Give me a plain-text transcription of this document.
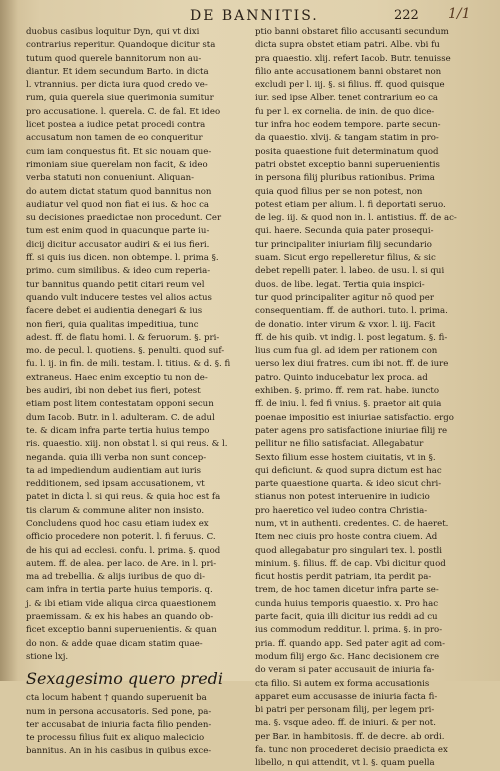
DE BANNITIS.	222 1/1
duobus casibus loquitur Dyn, qui vt dixi
contrarius reperitur. Quandoque dicitur sta
tutum quod querele bannitorum non au-
diantur. Et idem secundum Barto. in dicta
l. vtrannius. per dicta iura quod credo ve-
rum, quia querela siue querimonia sumitur
pro accusatione. l. querela. C. de fal. Et ideo
licet postea a iudice petat procedi contra
accusatum non tamen de eo conqueritur
cum iam conquestus fit. Et sic nouam que-
rimoniam siue querelam non facit, & ideo
verba statuti non conueniunt. Aliquan-
do autem dictat statum quod bannitus non
audiatur vel quod non fiat ei ius. & hoc ca
su decisiones praedictae non procedunt. Cer
tum est enim quod in quacunque parte iu-
dicij dicitur accusator audiri & ei ius fieri.
ff. si quis ius dicen. non obtempe. l. prima §.
primo. cum similibus. & ideo cum reperia-
tur bannitus quando petit citari reum vel
quando vult inducere testes vel alios actus
facere debet ei audientia denegari & ius
non fieri, quia qualitas impeditiua, tunc
adest. ff. de flatu homi. l. & feruorum. §. pri-
mo. de pecul. l. quotiens. §. penulti. quod suf-
fu. l. ij. in fin. de mili. testam. l. titius. & d. §. fi
extraneus. Haec enim exceptio tu non de-
bes audiri, ibi non debet ius fieri, potest
etiam post litem contestatam opponi secun
dum Iacob. Butr. in l. adulteram. C. de adul
te. & dicam infra parte tertia huius tempo
ris. quaestio. xiij. non obstat l. si qui reus. & l.
neganda. quia illi verba non sunt concep-
ta ad impediendum audientiam aut iuris
redditionem, sed ipsam accusationem, vt
patet in dicta l. si qui reus. & quia hoc est fa
tis clarum & commune aliter non insisto.
Concludens quod hoc casu etiam iudex ex
officio procedere non poterit. l. fi feruus. C.
de his qui ad ecclesi. confu. l. prima. §. quod
autem. ff. de alea. per laco. de Are. in l. pri-
ma ad trebellia. & alijs iuribus de quo di-
cam infra in tertia parte huius temporis. q.
j. & ibi etiam vide aliqua circa quaestionem
praemissam. & ex his habes an quando ob-
ficet exceptio banni superuenientis. & quan
do non. & adde quae dicam statim quae-
stione lxj.
Sexagesimo quero predi
cta locum habent † quando superuenit ba
num in persona accusatoris. Sed pone, pa-
ter accusabat de iniuria facta filio penden-
te processu filius fuit ex aliquo malecicio
bannitus. An in his casibus in quibus exce-
ptio banni obstaret filio accusanti secundum
dicta supra obstet etiam patri. Albe. vbi fu
pra quaestio. xlij. refert Iacob. Butr. tenuisse
filio ante accusationem banni obstaret non
excludi per l. iij. §. si filius. ff. quod quisque
iur. sed ipse Alber. tenet contrarium eo ca
fu per l. ex cornelia. de inin. de quo dice-
tur infra hoc eodem tempore. parte secun-
da quaestio. xlvij. & tangam statim in pro-
posita quaestione fuit determinatum quod
patri obstet exceptio banni superuenientis
in persona filij pluribus rationibus. Prima
quia quod filius per se non potest, non
potest etiam per alium. l. fi deportati seruo.
de leg. iij. & quod non in. l. antistius. ff. de ac-
qui. haere. Secunda quia pater prosequi-
tur principaliter iniuriam filij secundario
suam. Sicut ergo repelleretur filius, & sic
debet repelli pater. l. labeo. de usu. l. si qui
duos. de libe. legat. Tertia quia inspici-
tur quod principaliter agitur nō quod per
consequentiam. ff. de authori. tuto. l. prima.
de donatio. inter virum & vxor. l. iij. Facit
ff. de his quib. vt indig. l. post legatum. §. fi-
lius cum fua gl. ad idem per rationem con
uerso lex diui fratres. cum ibi not. ff. de iure
patro. Quinto inducebatur lex proca. ad
exhiben. §. primo. ff. rem rat. habe. iuncto
ff. de iniu. l. fed fi vnius. §. praetor ait quia
poenae impositio est iniuriae satisfactio. ergo
pater agens pro satisfactione iniuriae filij re
pellitur ne filio satisfaciat. Allegabatur
Sexto filium esse hostem ciuitatis, vt in §.
qui deficiunt. & quod supra dictum est hac
parte quaestione quarta. & ideo sicut chri-
stianus non potest interuenire in iudicio
pro haeretico vel iudeo contra Christia-
num, vt in authenti. credentes. C. de haeret.
Item nec ciuis pro hoste contra ciuem. Ad
quod allegabatur pro singulari tex. l. postli
minium. §. filius. ff. de cap. Vbi dicitur quod
ficut hostis perdit patriam, ita perdit pa-
trem, de hoc tamen dicetur infra parte se-
cunda huius temporis quaestio. x. Pro hac
parte facit, quia illi dicitur ius reddi ad cu
ius commodum redditur. l. prima. §. in pro-
pria. ff. quando app. Sed pater agit ad com-
modum filij ergo &c. Hanc decisionem cre
do veram si pater accusauit de iniuria fa-
cta filio. Si autem ex forma accusationis
apparet eum accusasse de iniuria facta fi-
bi patri per personam filij, per legem pri-
ma. §. vsque adeo. ff. de iniuri. & per not.
per Bar. in hambitosis. ff. de decre. ab ordi.
fa. tunc non procederet decisio praedicta ex
libello, n qui attendit, vt l. §. quam puella
